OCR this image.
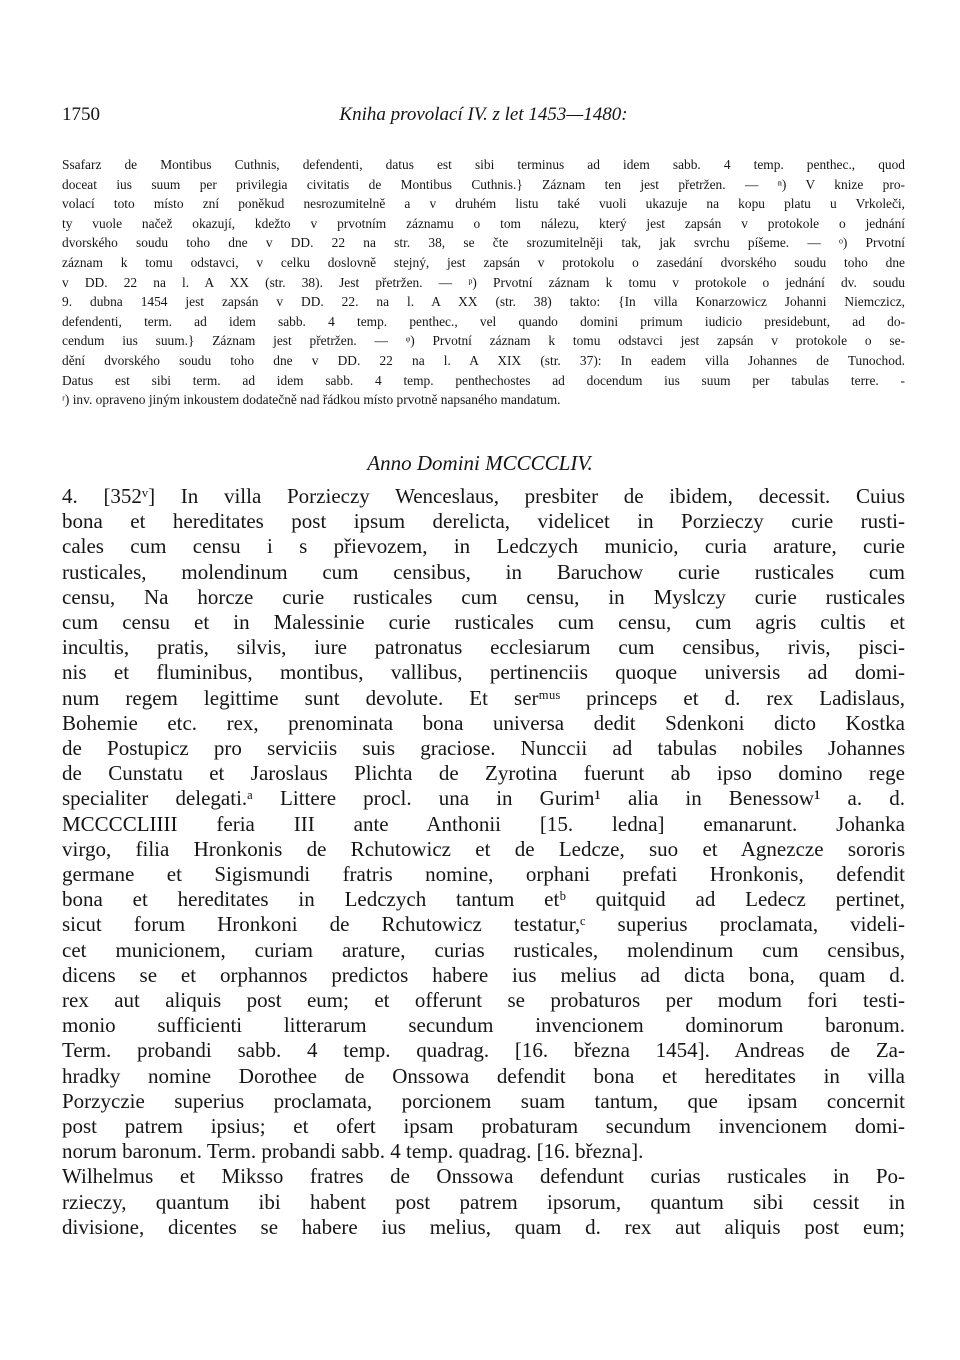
1750	Kniha provolací IV. z let 1453—1480:

Ssafarz de Montibus Cuthnis, defendenti, datus est sibi terminus ad idem sabb. 4 temp. penthec., quod

doceat ius suum per privilegia civitatis de Montibus Cuthnis.} Záznam ten jest přetržen. — ⁿ) V knize pro-

volací toto místo zní poněkud nesrozumitelně a v druhém listu také vuoli ukazuje na kopu platu u Vrkoleči,

ty vuole načež okazují, kdežto v prvotním záznamu o tom nálezu, který jest zapsán v protokole o jednání

dvorského soudu toho dne v DD. 22 na str. 38, se čte srozumitelněji tak, jak svrchu píšeme. — ᵒ) Prvotní

záznam k tomu odstavci, v celku doslovně stejný, jest zapsán v protokolu o zasedání dvorského soudu toho dne

v DD. 22 na l. A XX (str. 38). Jest přetržen. — ᵖ) Prvotní záznam k tomu v protokole o jednání dv. soudu

9. dubna 1454 jest zapsán v DD. 22. na l. A XX (str. 38) takto: {In villa Konarzowicz Johanni Niemczicz,

defendenti, term. ad idem sabb. 4 temp. penthec., vel quando domini primum iudicio presidebunt, ad do-

cendum ius suum.} Záznam jest přetržen. — ᵠ) Prvotní záznam k tomu odstavci jest zapsán v protokole o se-

dění dvorského soudu toho dne v DD. 22 na l. A XIX (str. 37): In eadem villa Johannes de Tunochod.

Datus est sibi term. ad idem sabb. 4 temp. penthechostes ad docendum ius suum per tabulas terre. -

ʳ) inv. opraveno jiným inkoustem dodatečně nad řádkou místo prvotně napsaného mandatum.

Anno Domini MCCCCLIV.
4. [352ᵛ] In villa Porzieczy Wenceslaus, presbiter de ibidem, decessit. Cuius
bona et hereditates post ipsum derelicta, videlicet in Porzieczy curie rusti-
cales cum censu i s přievozem, in Ledczych municio, curia arature, curie
rusticales, molendinum cum censibus, in Baruchow curie rusticales cum
censu, Na horcze curie rusticales cum censu, in Myslczy curie rusticales
cum censu et in Malessinie curie rusticales cum censu, cum agris cultis et
incultis, pratis, silvis, iure patronatus ecclesiarum cum censibus, rivis, pisci-
nis et fluminibus, montibus, vallibus, pertinenciis quoque universis ad domi-
num regem legittime sunt devolute. Et serᵐᵘˢ princeps et d. rex Ladislaus,
Bohemie etc. rex, prenominata bona universa dedit Sdenkoni dicto Kostka
de Postupicz pro serviciis suis graciose. Nunccii ad tabulas nobiles Johannes
de Cunstatu et Jaroslaus Plichta de Zyrotina fuerunt ab ipso domino rege
specialiter delegati.ᵃ Littere procl. una in Gurim¹ alia in Benessow¹ a. d.
MCCCCLIIII feria III ante Anthonii [15. ledna] emanarunt. Johanka
virgo, filia Hronkonis de Rchutowicz et de Ledcze, suo et Agnezcze sororis
germane et Sigismundi fratris nomine, orphani prefati Hronkonis, defendit
bona et hereditates in Ledczych tantum etᵇ quitquid ad Ledecz pertinet,
sicut forum Hronkoni de Rchutowicz testatur,ᶜ superius proclamata, videli-
cet municionem, curiam arature, curias rusticales, molendinum cum censibus,
dicens se et orphannos predictos habere ius melius ad dicta bona, quam d.
rex aut aliquis post eum; et offerunt se probaturos per modum fori testi-
monio sufficienti litterarum secundum invencionem dominorum baronum.
Term. probandi sabb. 4 temp. quadrag. [16. března 1454]. Andreas de Za-
hradky nomine Dorothee de Onssowa defendit bona et hereditates in villa
Porzyczie superius proclamata, porcionem suam tantum, que ipsam concernit
post patrem ipsius; et ofert ipsam probaturam secundum invencionem domi-
norum baronum. Term. probandi sabb. 4 temp. quadrag. [16. března].
Wilhelmus et Miksso fratres de Onssowa defendunt curias rusticales in Po-
rzieczy, quantum ibi habent post patrem ipsorum, quantum sibi cessit in
divisione, dicentes se habere ius melius, quam d. rex aut aliquis post eum;
